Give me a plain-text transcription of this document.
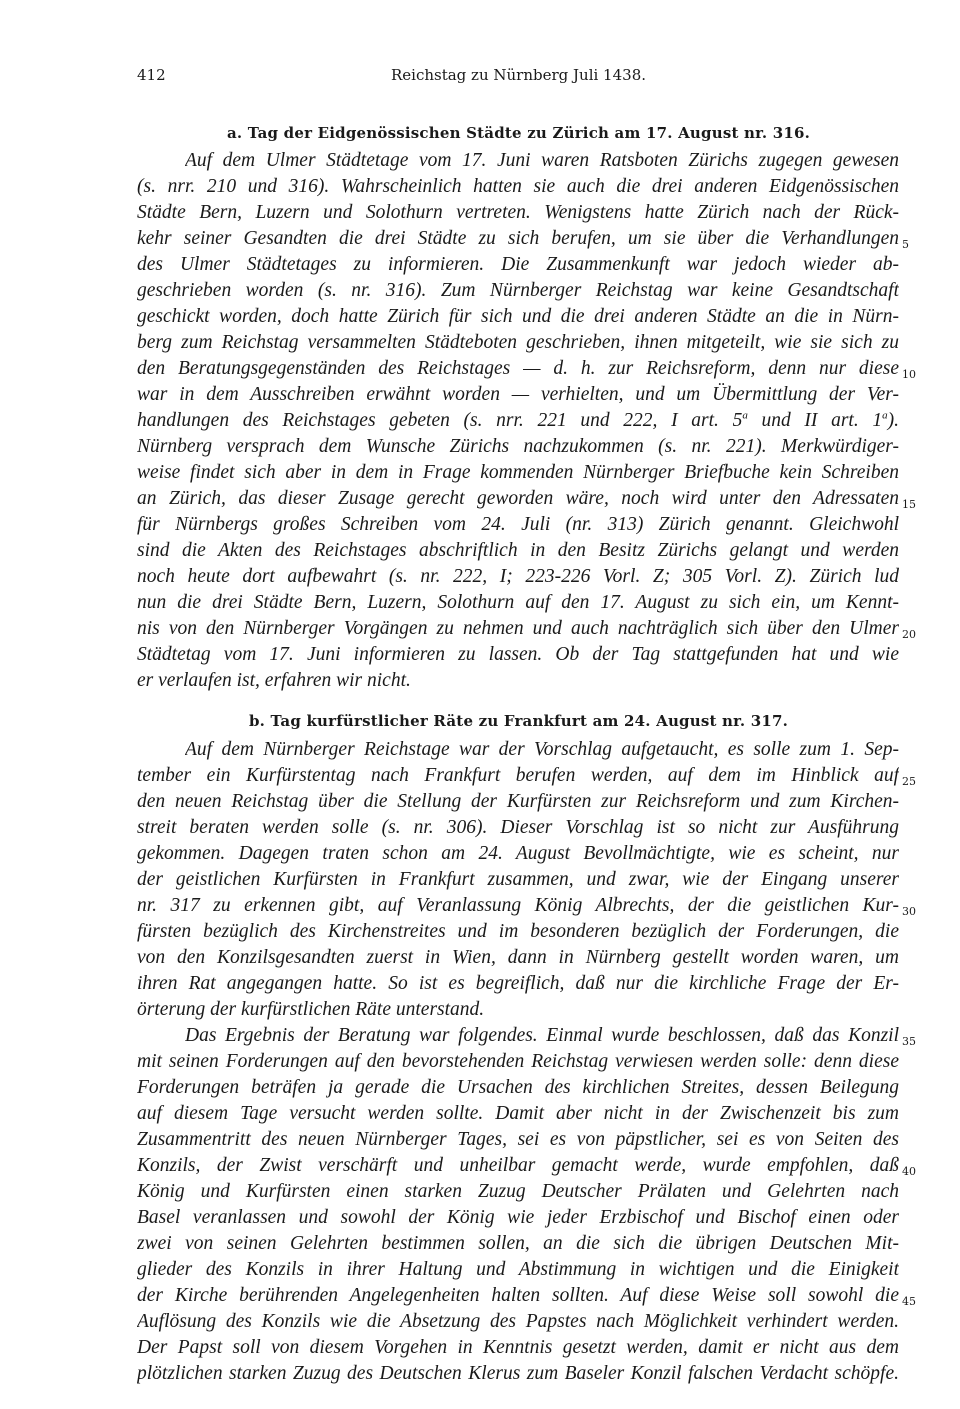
412	Reichstag zu Nürnberg Juli 1438.
a. Tag der Eidgenössischen Städte zu Zürich am 17. August nr. 316.
Auf dem Ulmer Städtetage vom 17. Juni waren Ratsboten Zürichs zugegen gewesen
(s. nrr. 210 und 316). Wahrscheinlich hatten sie auch die drei anderen Eidgenössischen
Städte Bern, Luzern und Solothurn vertreten. Wenigstens hatte Zürich nach der Rück-
kehr seiner Gesandten die drei Städte zu sich berufen, um sie über die Verhandlungen
des Ulmer Städtetages zu informieren. Die Zusammenkunft war jedoch wieder ab-
geschrieben worden (s. nr. 316). Zum Nürnberger Reichstag war keine Gesandtschaft
geschickt worden, doch hatte Zürich für sich und die drei anderen Städte an die in Nürn-
berg zum Reichstag versammelten Städteboten geschrieben, ihnen mitgeteilt, wie sie sich zu
den Beratungsgegenständen des Reichstages — d. h. zur Reichsreform, denn nur diese
war in dem Ausschreiben erwähnt worden — verhielten, und um Übermittlung der Ver-
handlungen des Reichstages gebeten (s. nrr. 221 und 222, I art. 5$^a$ und II art. 1$^a$).
Nürnberg versprach dem Wunsche Zürichs nachzukommen (s. nr. 221). Merkwürdiger-
weise findet sich aber in dem in Frage kommenden Nürnberger Briefbuche kein Schreiben
an Zürich, das dieser Zusage gerecht geworden wäre, noch wird unter den Adressaten
für Nürnbergs großes Schreiben vom 24. Juli (nr. 313) Zürich genannt. Gleichwohl
sind die Akten des Reichstages abschriftlich in den Besitz Zürichs gelangt und werden
noch heute dort aufbewahrt (s. nr. 222, I; 223-226 Vorl. Z; 305 Vorl. Z). Zürich lud
nun die drei Städte Bern, Luzern, Solothurn auf den 17. August zu sich ein, um Kennt-
nis von den Nürnberger Vorgängen zu nehmen und auch nachträglich sich über den Ulmer
Städtetag vom 17. Juni informieren zu lassen. Ob der Tag stattgefunden hat und wie
er verlaufen ist, erfahren wir nicht.
b. Tag kurfürstlicher Räte zu Frankfurt am 24. August nr. 317.
Auf dem Nürnberger Reichstage war der Vorschlag aufgetaucht, es solle zum 1. Sep-
tember ein Kurfürstentag nach Frankfurt berufen werden, auf dem im Hinblick auf
den neuen Reichstag über die Stellung der Kurfürsten zur Reichsreform und zum Kirchen-
streit beraten werden solle (s. nr. 306). Dieser Vorschlag ist so nicht zur Ausführung
gekommen. Dagegen traten schon am 24. August Bevollmächtigte, wie es scheint, nur
der geistlichen Kurfürsten in Frankfurt zusammen, und zwar, wie der Eingang unserer
nr. 317 zu erkennen gibt, auf Veranlassung König Albrechts, der die geistlichen Kur-
fürsten bezüglich des Kirchenstreites und im besonderen bezüglich der Forderungen, die
von den Konzilsgesandten zuerst in Wien, dann in Nürnberg gestellt worden waren, um
ihren Rat angegangen hatte. So ist es begreiflich, daß nur die kirchliche Frage der Er-
örterung der kurfürstlichen Räte unterstand.
Das Ergebnis der Beratung war folgendes. Einmal wurde beschlossen, daß das Konzil
mit seinen Forderungen auf den bevorstehenden Reichstag verwiesen werden solle: denn diese
Forderungen beträfen ja gerade die Ursachen des kirchlichen Streites, dessen Beilegung
auf diesem Tage versucht werden sollte. Damit aber nicht in der Zwischenzeit bis zum
Zusammentritt des neuen Nürnberger Tages, sei es von päpstlicher, sei es von Seiten des
Konzils, der Zwist verschärft und unheilbar gemacht werde, wurde empfohlen, daß
König und Kurfürsten einen starken Zuzug Deutscher Prälaten und Gelehrten nach
Basel veranlassen und sowohl der König wie jeder Erzbischof und Bischof einen oder
zwei von seinen Gelehrten bestimmen sollen, an die sich die übrigen Deutschen Mit-
glieder des Konzils in ihrer Haltung und Abstimmung in wichtigen und die Einigkeit
der Kirche berührenden Angelegenheiten halten sollten. Auf diese Weise soll sowohl die
Auflösung des Konzils wie die Absetzung des Papstes nach Möglichkeit verhindert werden.
Der Papst soll von diesem Vorgehen in Kenntnis gesetzt werden, damit er nicht aus dem
plötzlichen starken Zuzug des Deutschen Klerus zum Baseler Konzil falschen Verdacht schöpfe.
5
10
15
20
25
30
35
40
45
